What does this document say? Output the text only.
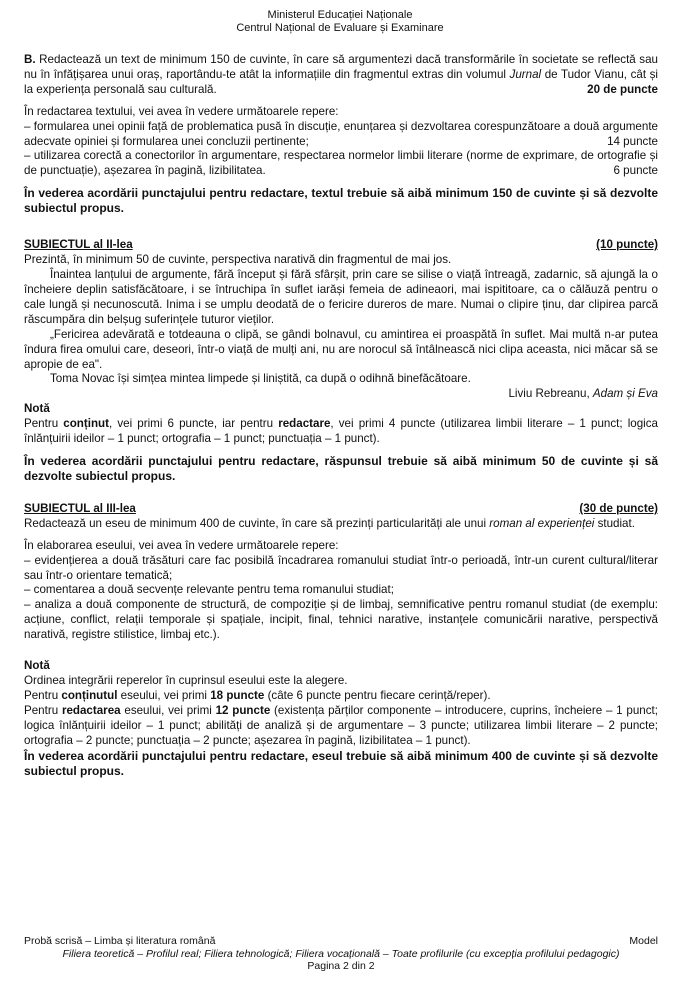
Ministerul Educației Naționale
Centrul Național de Evaluare și Examinare

B. Redactează un text de minimum 150 de cuvinte, în care să argumentezi dacă transformările în societate se reflectă sau nu în înfățișarea unui oraș, raportându-te atât la informațiile din fragmentul extras din volumul Jurnal de Tudor Vianu, cât și la experiența personală sau culturală.	20 de puncte

În redactarea textului, vei avea în vedere următoarele repere:

– formularea unei opinii față de problematica pusă în discuție, enunțarea și dezvoltarea corespunzătoare a două argumente adecvate opiniei și formularea unei concluzii pertinente;	14 puncte

– utilizarea corectă a conectorilor în argumentare, respectarea normelor limbii literare (norme de exprimare, de ortografie și de punctuație), așezarea în pagină, lizibilitatea.	6 puncte

În vederea acordării punctajului pentru redactare, textul trebuie să aibă minimum 150 de cuvinte și să dezvolte subiectul propus.

SUBIECTUL al II-lea	(10 puncte)

Prezintă, în minimum 50 de cuvinte, perspectiva narativă din fragmentul de mai jos.

Înaintea lanțului de argumente, fără început și fără sfârșit, prin care se silise o viață întreagă, zadarnic, să ajungă la o încheiere deplin satisfăcătoare, i se întruchipa în suflet iarăși femeia de adineaori, mai ispititoare, ca o călăuză pentru o cale lungă și necunoscută. Inima i se umplu deodată de o fericire dureros de mare. Numai o clipire ținu, dar clipirea parcă răscumpăra din belșug suferințele tuturor vieților.

„Fericirea adevărată e totdeauna o clipă, se gândi bolnavul, cu amintirea ei proaspătă în suflet. Mai multă n-ar putea îndura firea omului care, deseori, într-o viață de mulți ani, nu are norocul să întâlnească nici clipa aceasta, nici măcar să se apropie de ea".

Toma Novac își simțea mintea limpede și liniștită, ca după o odihnă binefăcătoare.

Liviu Rebreanu, Adam și Eva

Notă

Pentru conținut, vei primi 6 puncte, iar pentru redactare, vei primi 4 puncte (utilizarea limbii literare – 1 punct; logica înlănțuirii ideilor – 1 punct; ortografia – 1 punct; punctuația – 1 punct).

În vederea acordării punctajului pentru redactare, răspunsul trebuie să aibă minimum 50 de cuvinte și să dezvolte subiectul propus.

SUBIECTUL al III-lea	(30 de puncte)

Redactează un eseu de minimum 400 de cuvinte, în care să prezinți particularități ale unui roman al experienței studiat.

În elaborarea eseului, vei avea în vedere următoarele repere:

– evidențierea a două trăsături care fac posibilă încadrarea romanului studiat într-o perioadă, într-un curent cultural/literar sau într-o orientare tematică;

– comentarea a două secvențe relevante pentru tema romanului studiat;

– analiza a două componente de structură, de compoziție și de limbaj, semnificative pentru romanul studiat (de exemplu: acțiune, conflict, relații temporale și spațiale, incipit, final, tehnici narative, instanțele comunicării narative, perspectivă narativă, registre stilistice, limbaj etc.).

Notă

Ordinea integrării reperelor în cuprinsul eseului este la alegere.

Pentru conținutul eseului, vei primi 18 puncte (câte 6 puncte pentru fiecare cerință/reper).

Pentru redactarea eseului, vei primi 12 puncte (existența părților componente – introducere, cuprins, încheiere – 1 punct; logica înlănțuirii ideilor – 1 punct; abilități de analiză și de argumentare – 3 puncte; utilizarea limbii literare – 2 puncte; ortografia – 2 puncte; punctuația – 2 puncte; așezarea în pagină, lizibilitatea – 1 punct).

În vederea acordării punctajului pentru redactare, eseul trebuie să aibă minimum 400 de cuvinte și să dezvolte subiectul propus.

Probă scrisă – Limba și literatura română	Model
Filiera teoretică – Profilul real; Filiera tehnologică; Filiera vocațională – Toate profilurile (cu excepția profilului pedagogic)
Pagina 2 din 2
